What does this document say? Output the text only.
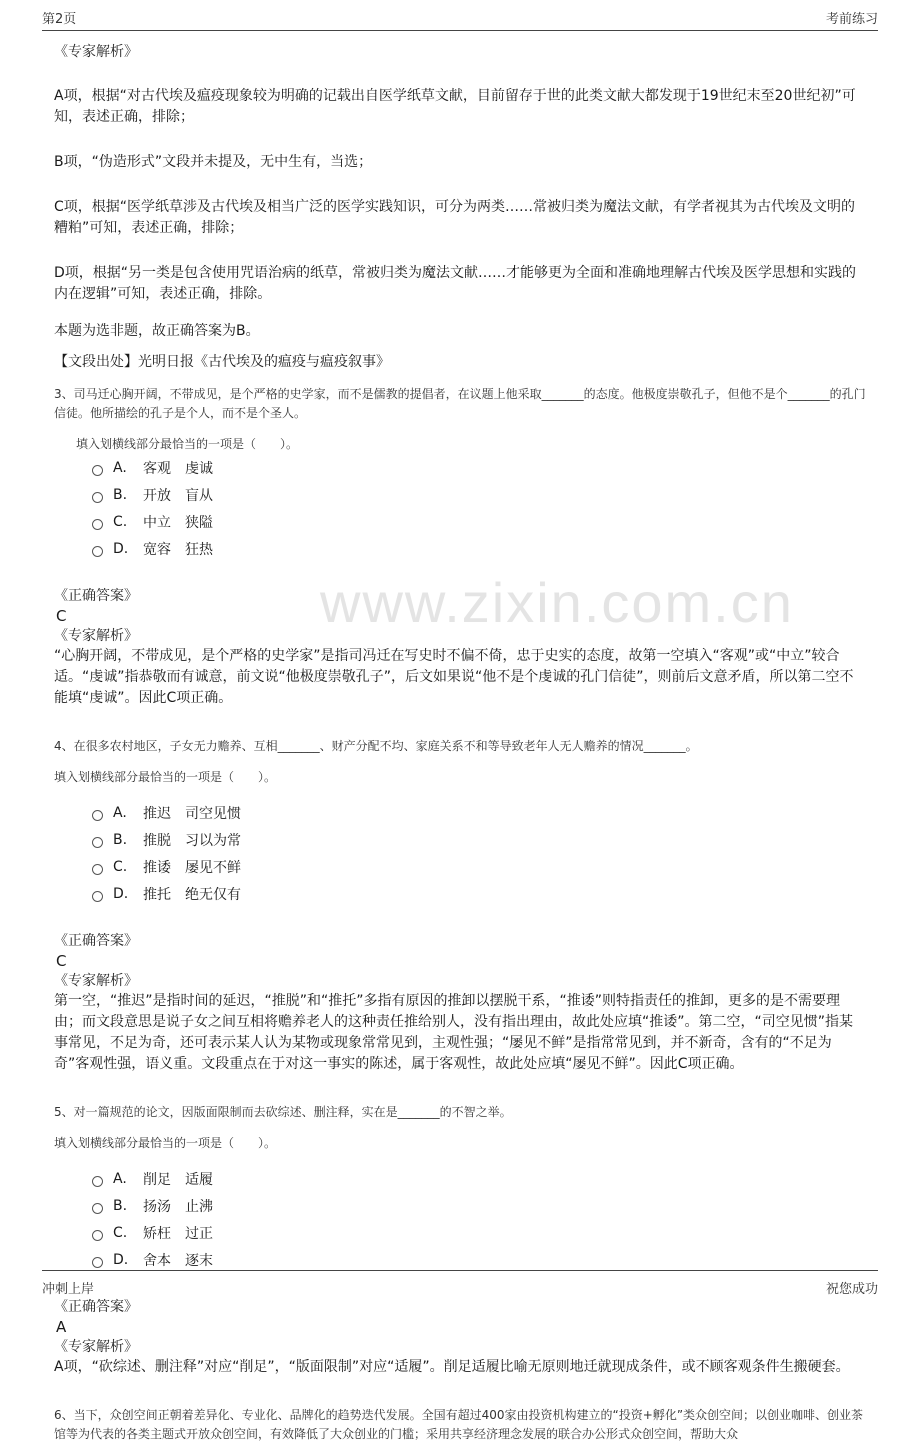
第2页	考前练习
www.zixin.com.cn
《专家解析》

A项，根据“对古代埃及瘟疫现象较为明确的记载出自医学纸草文献，目前留存于世的此类文献大都发现于19世纪末至20世纪初”可知，表述正确，排除；

B项，“伪造形式”文段并未提及，无中生有，当选；

C项，根据“医学纸草涉及古代埃及相当广泛的医学实践知识，可分为两类……常被归类为魔法文献，有学者视其为古代埃及文明的糟粕”可知，表述正确，排除；

D项，根据“另一类是包含使用咒语治病的纸草，常被归类为魔法文献……才能够更为全面和准确地理解古代埃及医学思想和实践的内在逻辑”可知，表述正确，排除。

本题为选非题，故正确答案为B。

【文段出处】光明日报《古代埃及的瘟疫与瘟疫叙事》

3、司马迁心胸开阔，不带成见，是个严格的史学家，而不是儒教的提倡者，在议题上他采取_______的态度。他极度崇敬孔子，但他不是个_______的孔门信徒。他所描绘的孔子是个人，而不是个圣人。

填入划横线部分最恰当的一项是（　　）。

A.	客观　虔诚
B.	开放　盲从
C.	中立　狭隘
D.	宽容　狂热
《正确答案》
C
《专家解析》

“心胸开阔，不带成见，是个严格的史学家”是指司冯迁在写史时不偏不倚，忠于史实的态度，故第一空填入“客观”或“中立”较合适。“虔诚”指恭敬而有诚意，前文说“他极度崇敬孔子”，后文如果说“他不是个虔诚的孔门信徒”，则前后文意矛盾，所以第二空不能填“虔诚”。因此C项正确。

4、在很多农村地区，子女无力赡养、互相_______、财产分配不均、家庭关系不和等导致老年人无人赡养的情况_______。

填入划横线部分最恰当的一项是（　　）。

A.	推迟　司空见惯
B.	推脱　习以为常
C.	推诿　屡见不鲜
D.	推托　绝无仅有
《正确答案》
C
《专家解析》

第一空，“推迟”是指时间的延迟，“推脱”和“推托”多指有原因的推卸以摆脱干系，“推诿”则特指责任的推卸，更多的是不需要理由；而文段意思是说子女之间互相将赡养老人的这种责任推给别人，没有指出理由，故此处应填“推诿”。第二空，“司空见惯”指某事常见，不足为奇，还可表示某人认为某物或现象常常见到，主观性强；“屡见不鲜”是指常常见到，并不新奇，含有的“不足为奇”客观性强，语义重。文段重点在于对这一事实的陈述，属于客观性，故此处应填“屡见不鲜”。因此C项正确。

5、对一篇规范的论文，因版面限制而去砍综述、删注释，实在是_______的不智之举。

填入划横线部分最恰当的一项是（　　）。

A.	削足　适履
B.	扬汤　止沸
C.	矫枉　过正
D.	舍本　逐末
《正确答案》
A
《专家解析》

A项，“砍综述、删注释”对应“削足”，“版面限制”对应“适履”。削足适履比喻无原则地迁就现成条件，或不顾客观条件生搬硬套。

6、当下，众创空间正朝着差异化、专业化、品牌化的趋势迭代发展。全国有超过400家由投资机构建立的“投资+孵化”类众创空间；以创业咖啡、创业茶馆等为代表的各类主题式开放众创空间，有效降低了大众创业的门槛；采用共享经济理念发展的联合办公形式众创空间，帮助大众

冲刺上岸	祝您成功
